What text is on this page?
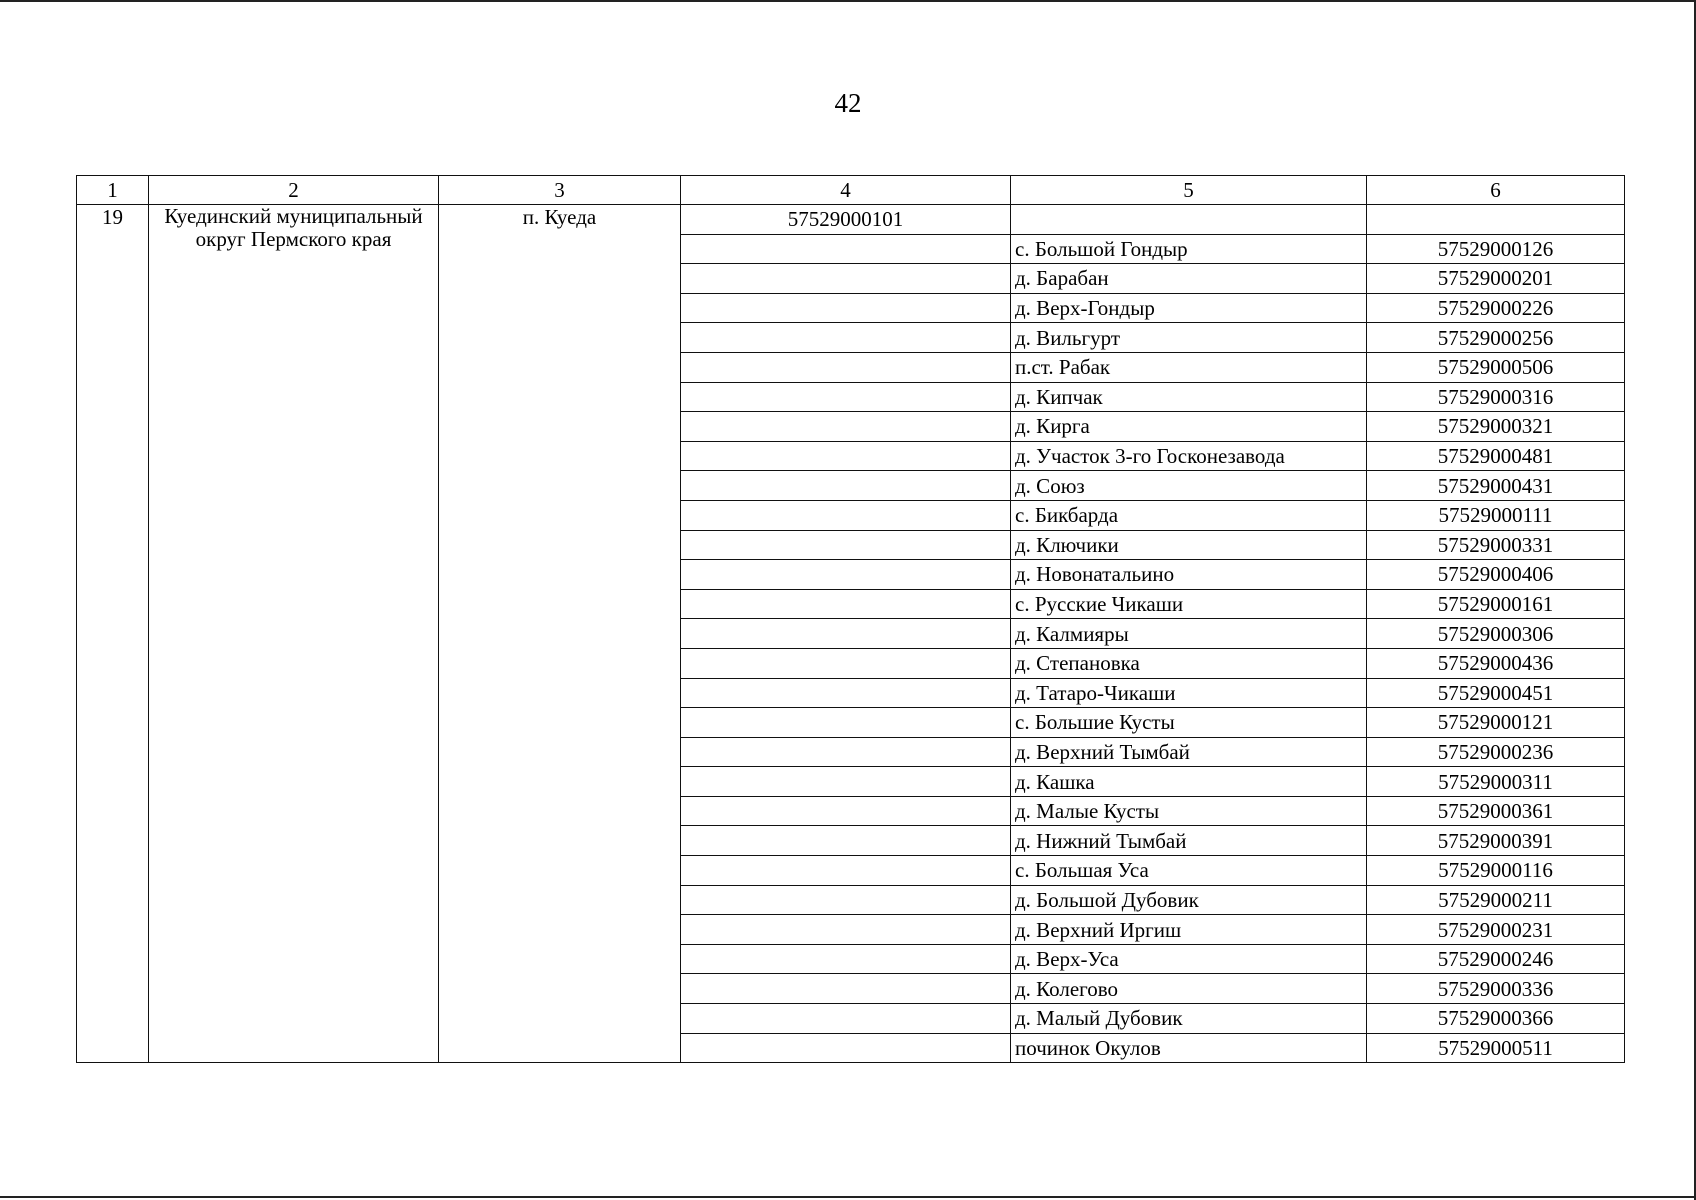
42
1	2	3	4	5	6
19	Куединский муниципальный округ Пермского края	п. Куеда	57529000101		
				с. Большой Гондыр	57529000126
				д. Барабан	57529000201
				д. Верх-Гондыр	57529000226
				д. Вильгурт	57529000256
				п.ст. Рабак	57529000506
				д. Кипчак	57529000316
				д. Кирга	57529000321
				д. Участок 3-го Госконезавода	57529000481
				д. Союз	57529000431
				с. Бикбарда	57529000111
				д. Ключики	57529000331
				д. Новонатальино	57529000406
				с. Русские Чикаши	57529000161
				д. Калмияры	57529000306
				д. Степановка	57529000436
				д. Татаро-Чикаши	57529000451
				с. Большие Кусты	57529000121
				д. Верхний Тымбай	57529000236
				д. Кашка	57529000311
				д. Малые Кусты	57529000361
				д. Нижний Тымбай	57529000391
				с. Большая Уса	57529000116
				д. Большой Дубовик	57529000211
				д. Верхний Иргиш	57529000231
				д. Верх-Уса	57529000246
				д. Колегово	57529000336
				д. Малый Дубовик	57529000366
				починок Окулов	57529000511
